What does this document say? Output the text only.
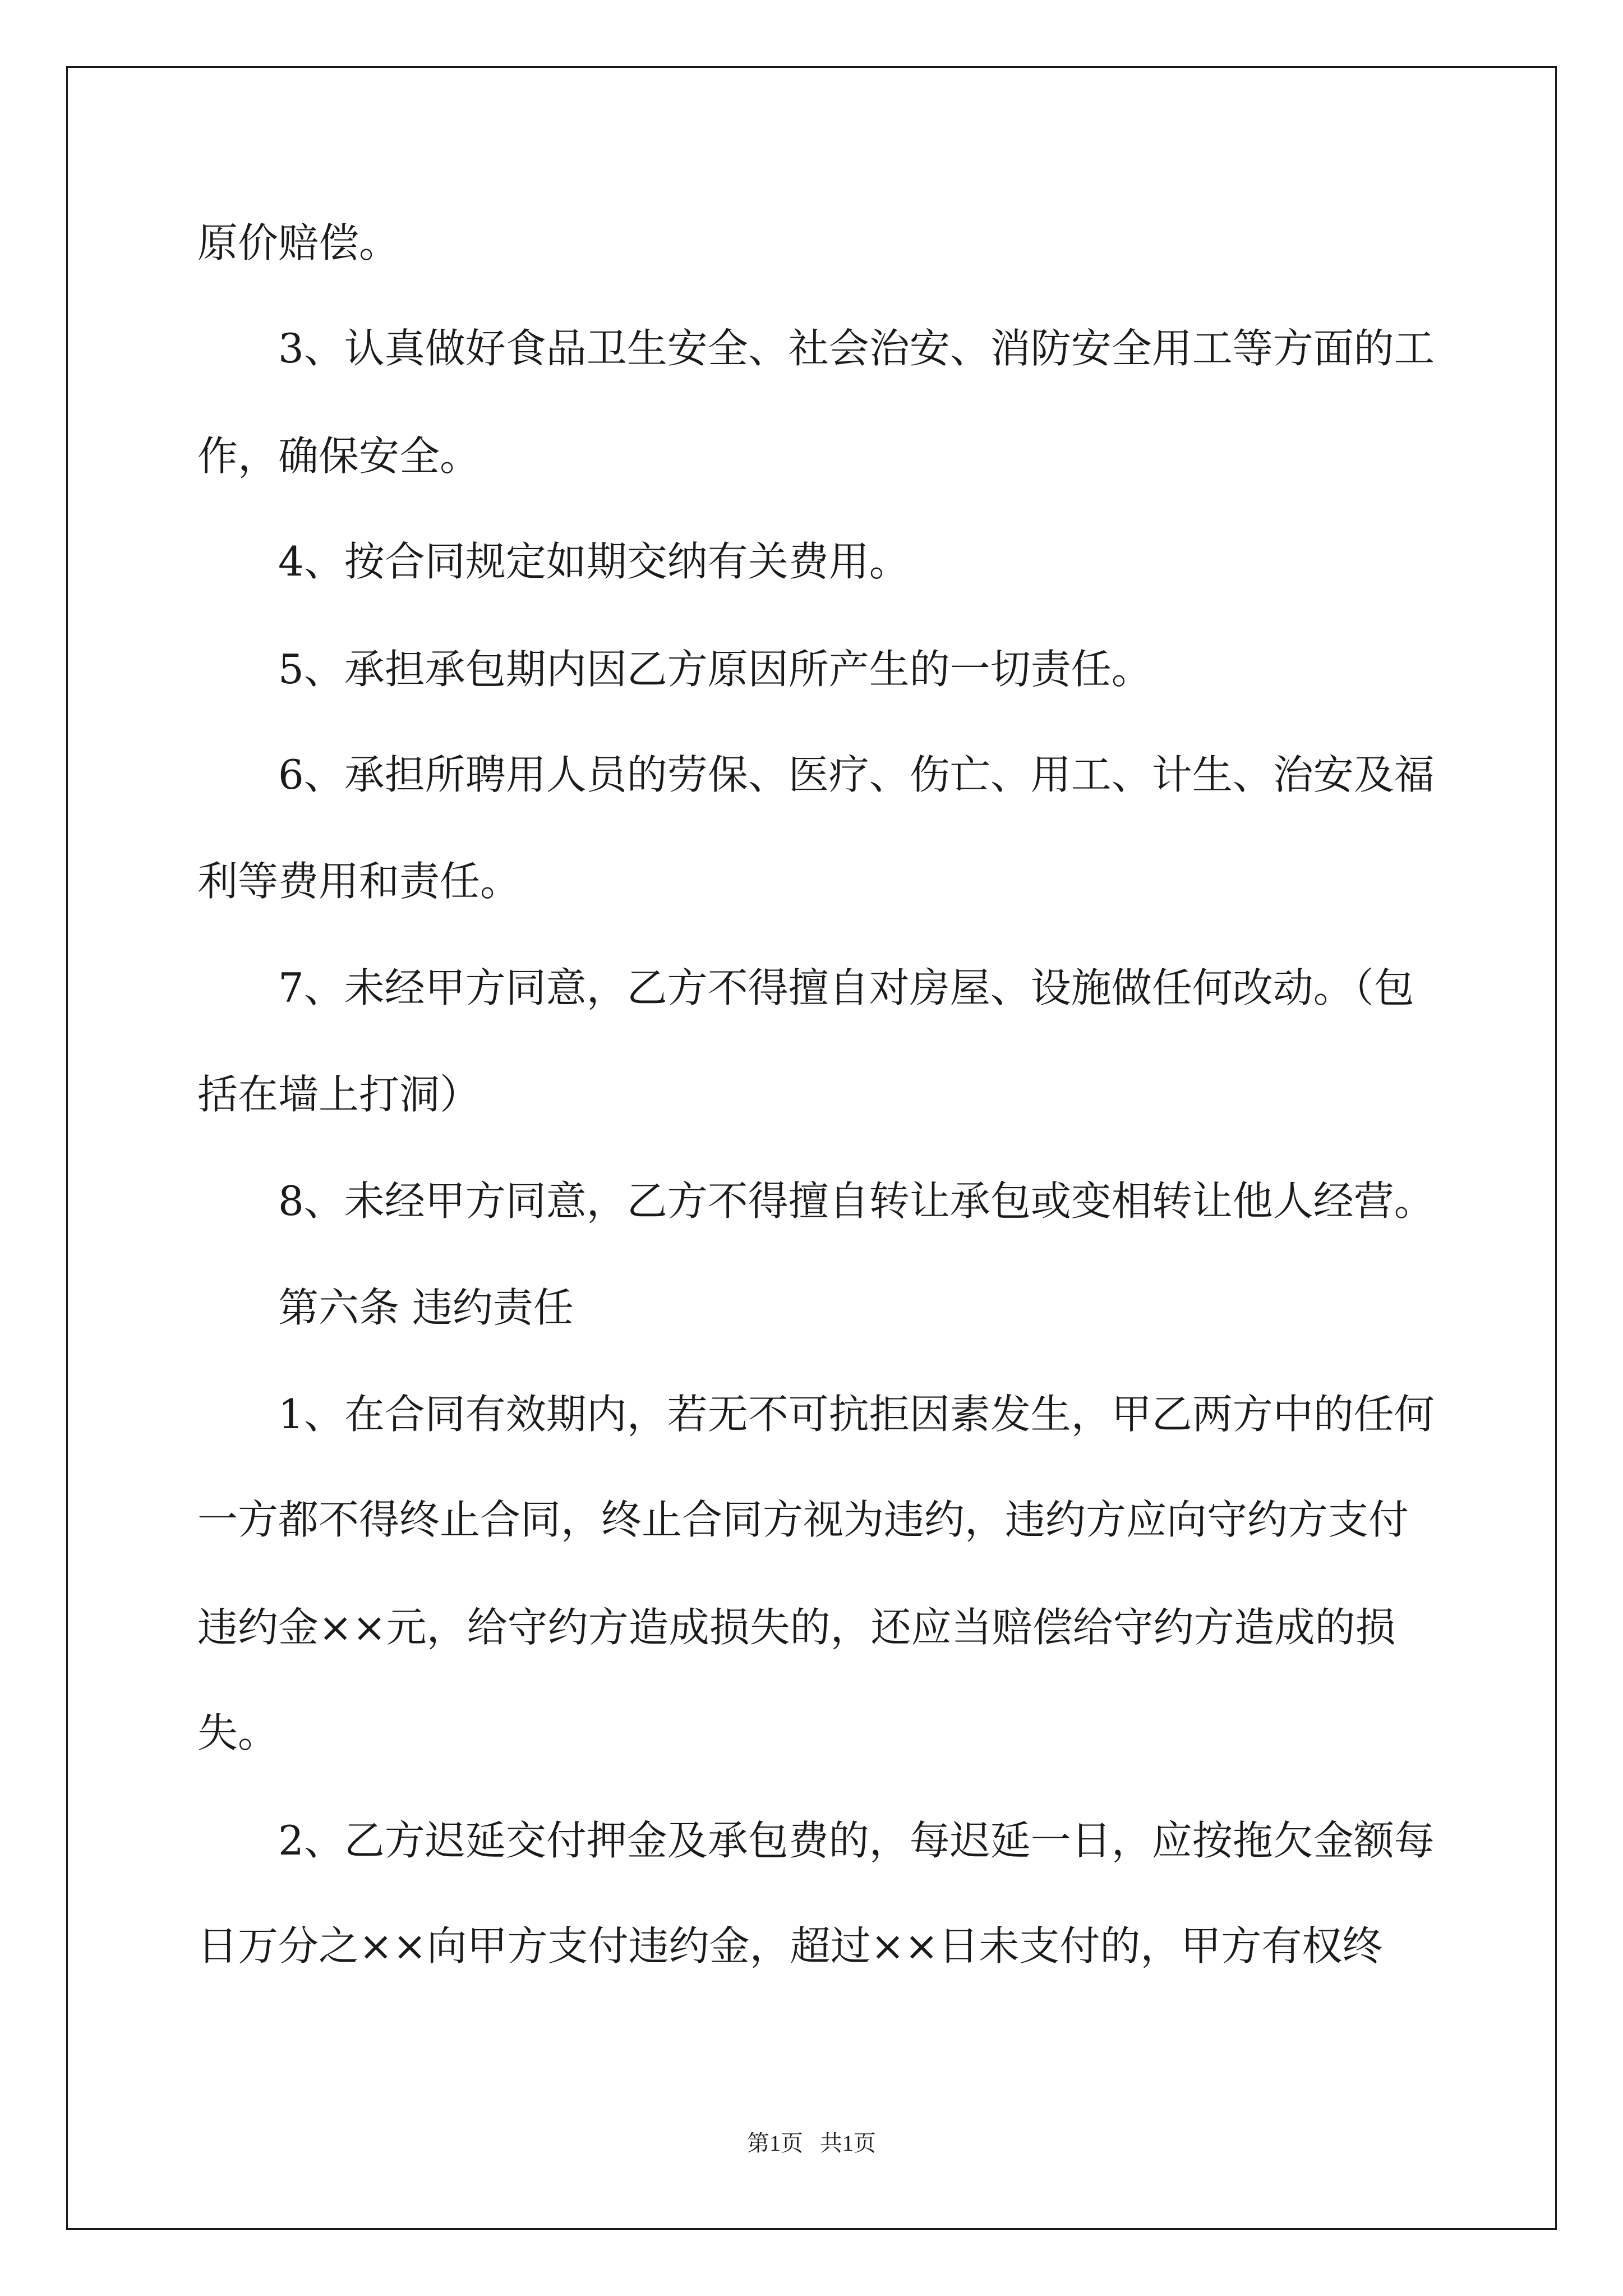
原价赔偿。

3、认真做好食品卫生安全、社会治安、消防安全用工等方面的工

作，确保安全。

4、按合同规定如期交纳有关费用。

5、承担承包期内因乙方原因所产生的一切责任。

6、承担所聘用人员的劳保、医疗、伤亡、用工、计生、治安及福

利等费用和责任。

7、未经甲方同意，乙方不得擅自对房屋、设施做任何改动。（包

括在墙上打洞）

8、未经甲方同意，乙方不得擅自转让承包或变相转让他人经营。

第六条 违约责任

1、在合同有效期内，若无不可抗拒因素发生，甲乙两方中的任何

一方都不得终止合同，终止合同方视为违约，违约方应向守约方支付

违约金××元，给守约方造成损失的，还应当赔偿给守约方造成的损

失。

2、乙方迟延交付押金及承包费的，每迟延一日，应按拖欠金额每

日万分之××向甲方支付违约金，超过××日未支付的，甲方有权终

第1页   共1页
